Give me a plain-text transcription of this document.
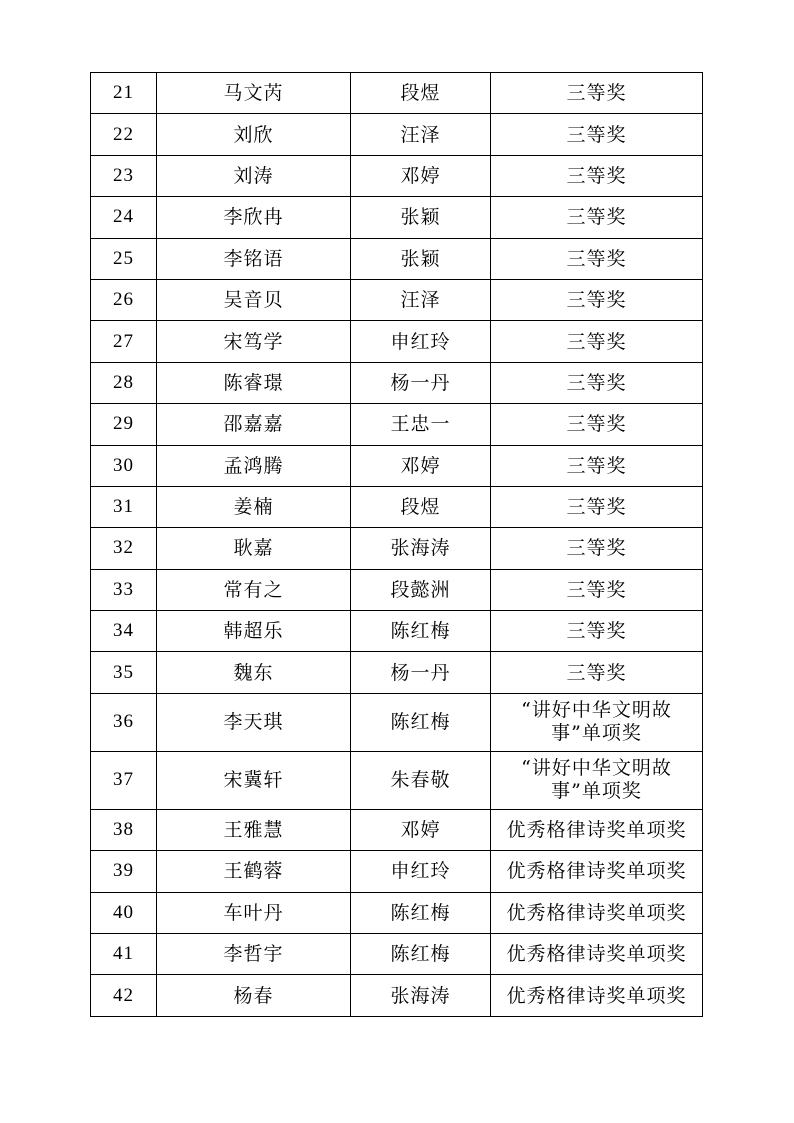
21	马文芮	段煜	三等奖
22	刘欣	汪泽	三等奖
23	刘涛	邓婷	三等奖
24	李欣冉	张颖	三等奖
25	李铭语	张颖	三等奖
26	吴音贝	汪泽	三等奖
27	宋笃学	申红玲	三等奖
28	陈睿璟	杨一丹	三等奖
29	邵嘉嘉	王忠一	三等奖
30	孟鸿腾	邓婷	三等奖
31	姜楠	段煜	三等奖
32	耿嘉	张海涛	三等奖
33	常有之	段懿洲	三等奖
34	韩超乐	陈红梅	三等奖
35	魏东	杨一丹	三等奖
36	李天琪	陈红梅	“讲好中华文明故事”单项奖
37	宋冀轩	朱春敬	“讲好中华文明故事”单项奖
38	王雅慧	邓婷	优秀格律诗奖单项奖
39	王鹤蓉	申红玲	优秀格律诗奖单项奖
40	车叶丹	陈红梅	优秀格律诗奖单项奖
41	李哲宇	陈红梅	优秀格律诗奖单项奖
42	杨春	张海涛	优秀格律诗奖单项奖
